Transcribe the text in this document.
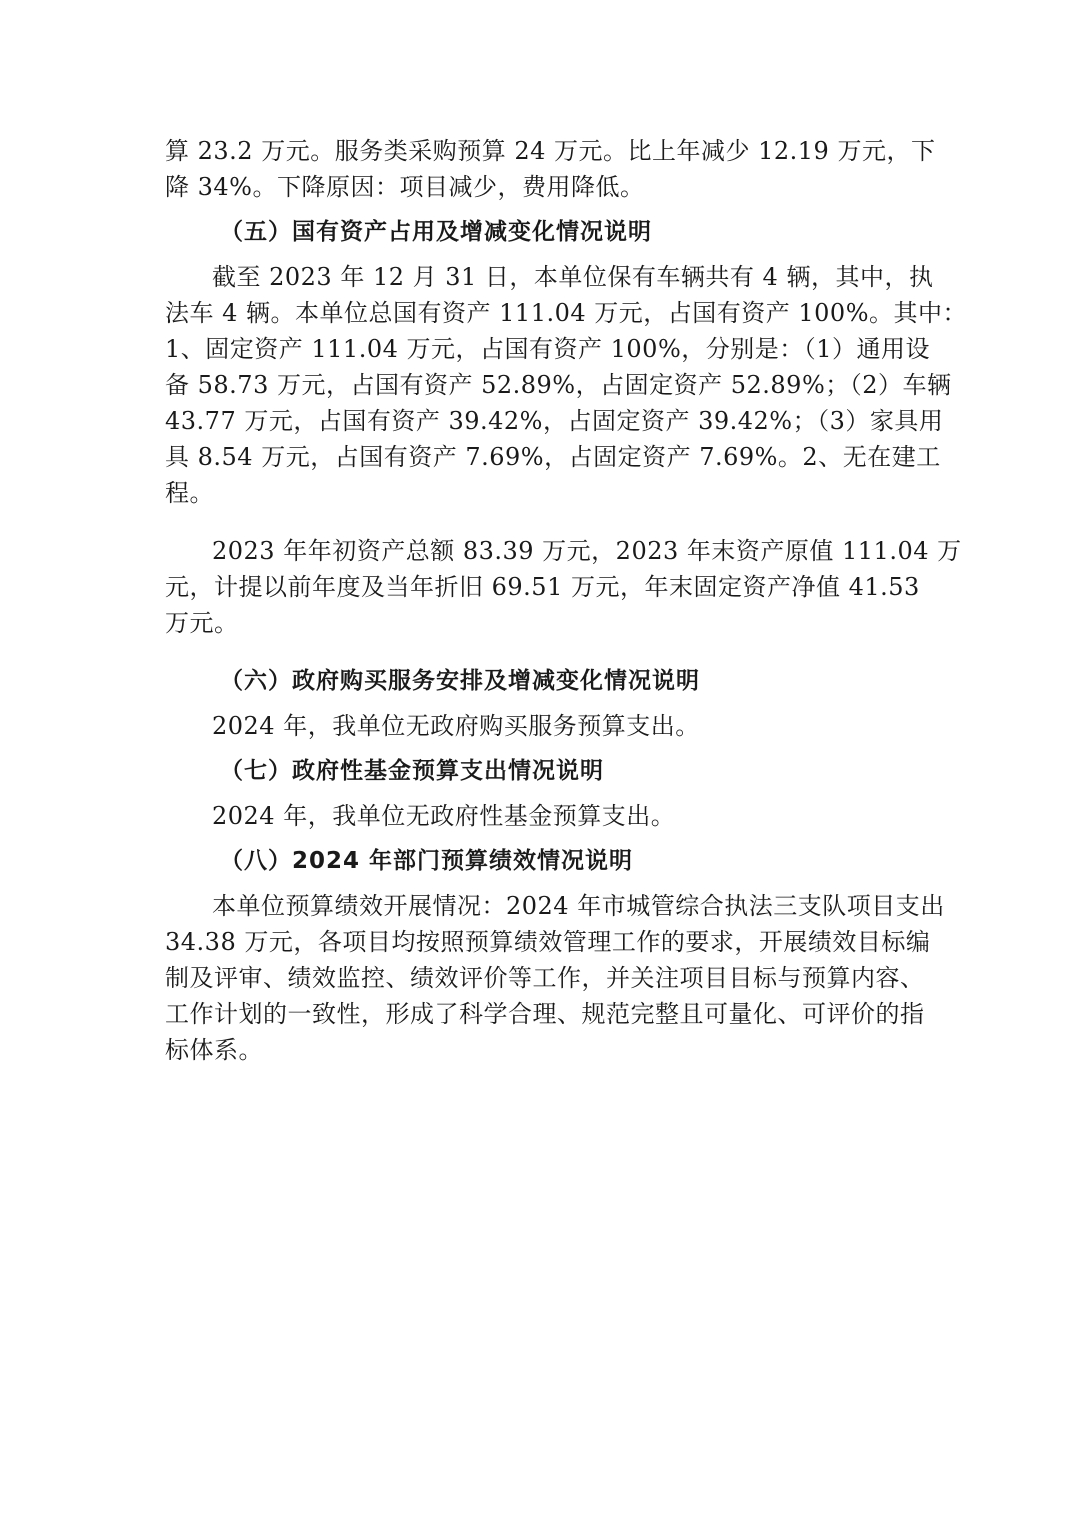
算 23.2 万元。服务类采购预算 24 万元。比上年减少 12.19 万元，下
降 34%。下降原因：项目减少，费用降低。
（五）国有资产占用及增减变化情况说明
截至 2023 年 12 月 31 日，本单位保有车辆共有 4 辆，其中，执
法车 4 辆。本单位总国有资产 111.04 万元，占国有资产 100%。其中：
1、固定资产 111.04 万元，占国有资产 100%，分别是：（1）通用设
备 58.73 万元，占国有资产 52.89%，占固定资产 52.89%；（2）车辆
43.77 万元，占国有资产 39.42%，占固定资产 39.42%；（3）家具用
具 8.54 万元，占国有资产 7.69%，占固定资产 7.69%。2、无在建工
程。
2023 年年初资产总额 83.39 万元，2023 年末资产原值 111.04 万
元，计提以前年度及当年折旧 69.51 万元，年末固定资产净值 41.53
万元。
（六）政府购买服务安排及增减变化情况说明
2024 年，我单位无政府购买服务预算支出。
（七）政府性基金预算支出情况说明
2024 年，我单位无政府性基金预算支出。
（八）2024 年部门预算绩效情况说明
本单位预算绩效开展情况：2024 年市城管综合执法三支队项目支出
34.38 万元，各项目均按照预算绩效管理工作的要求，开展绩效目标编
制及评审、绩效监控、绩效评价等工作，并关注项目目标与预算内容、
工作计划的一致性，形成了科学合理、规范完整且可量化、可评价的指
标体系。
